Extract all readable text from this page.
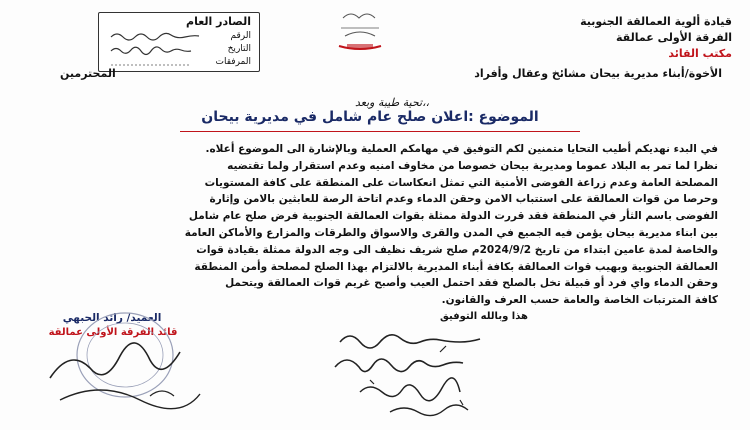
الصادر العام
الرقم
التاريخ
المرفقات
قيادة ألوية العمالقة الجنوبية
الفرقة الأولى عمالقة
مكتب القائد
الأخوة/أبناء مديرية بيحان مشائخ وعقال وأفراد
المحترمين
تحية طيبة وبعد،،
الموضوع :اعلان صلح عام شامل في مديرية بيحان
في البدء نهديكم أطيب التحايا متمنين لكم التوفيق في مهامكم العملية وبالإشارة الى الموضوع أعلاه.
نظرا لما تمر به البلاد عموما ومديرية بيحان خصوصا من مخاوف امنيه وعدم استقرار ولما تقتضيه
المصلحة العامة وعدم زراعة الفوضى الأمنية التي تمثل انعكاسات على المنطقة على كافة المستويات
وحرصا من قوات العمالقة على استتباب الامن وحقن الدماء وعدم اتاحة الرصة للعابثين بالامن وإثارة
الفوضى باسم الثأر في المنطقة فقد قررت الدولة ممثلة بقوات العمالقة الجنوبية فرض صلح عام شامل
بين ابناء مديرية بيحان يؤمن فيه الجميع في المدن والقرى والاسواق والطرقات والمزارع والأماكن العامة
والخاصة لمدة عامين ابتداء من تاريخ 2024/9/2م صلح شريف نظيف الى وجه الدولة ممثلة بقيادة قوات
العمالقة الجنوبية وبهيب قوات العمالقة بكافة أبناء المديرية بالالتزام بهذا الصلح لمصلحة وأمن المنطقة
وحقن الدماء واي فرد أو قبيلة تخل بالصلح فقد احتمل العيب وأصبح غريم قوات العمالقة ويتحمل
كافة المترتبات الخاصة والعامة حسب العرف والقانون.
هذا وبالله التوفيق
العميد/ رائد الحبهي
قائد الفرقة الأولى عمالقة
